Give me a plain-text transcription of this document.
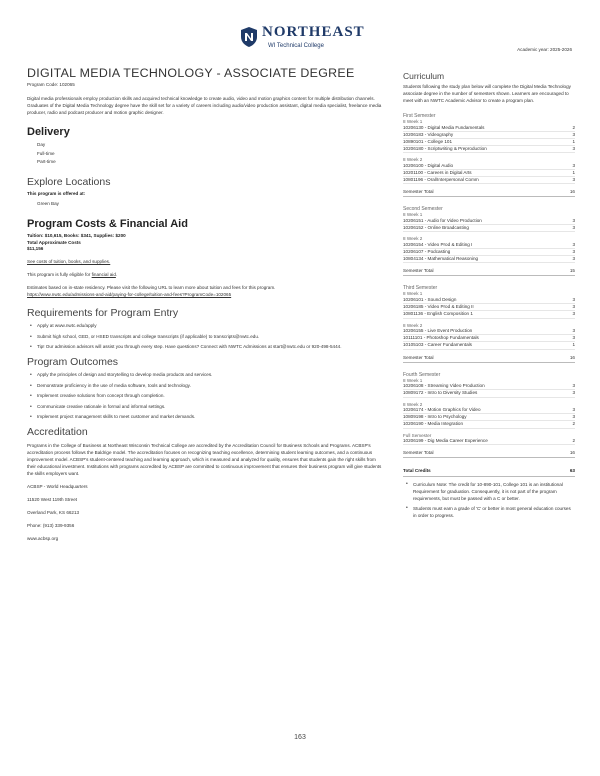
NORTHEAST
WI Technical College
Academic year: 2025-2026
DIGITAL MEDIA TECHNOLOGY - ASSOCIATE DEGREE
Program Code: 102065

Digital media professionals employ production skills and acquired technical knowledge to create audio, video and motion graphics content for multiple distribution channels. Graduates of the Digital Media Technology degree have the skill set for a variety of careers including audio/video production assistant, digital media specialist, freelance media producer, radio and podcast producer and motion graphic designer.

Delivery
Day
Full-time
Part-time
Explore Locations
This program is offered at:
Green Bay
Program Costs & Financial Aid
Tuition: $10,615, Books: $341, Supplies: $200
Total Approximate Costs
$11,156

See costs of tuition, books, and supplies.

This program is fully eligible for financial aid.

Estimates based on in-state residency. Please visit the following URL to learn more about tuition and fees for this program.

https://www.nwtc.edu/admissions-and-aid/paying-for-college/tuition-and-fees?ProgramCode=102065

Requirements for Program Entry
• Apply at www.nwtc.edu/apply
• Submit high school, GED, or HSED transcripts and college transcripts (if applicable) to transcripts@nwtc.edu.
• Tip! Our admission advisors will assist you through every step. Have questions? Connect with NWTC Admissions at start@nwtc.edu or 920-498-5444.
Program Outcomes
• Apply the principles of design and storytelling to develop media products and services.
• Demonstrate proficiency in the use of media software, tools and technology.
• Implement creative solutions from concept through completion.
• Communicate creative rationale in formal and informal settings.
• Implement project management skills to meet customer and market demands.
Accreditation

Programs in the College of Business at Northeast Wisconsin Technical College are accredited by the Accreditation Council for Business Schools and Programs. ACBSP's accreditation process follows the Baldrige model. The accreditation focuses on recognizing teaching excellence, determining student learning outcomes, and a continuous improvement model. ACBSP's student-centered teaching and learning approach, which is measured and analyzed for quality, ensures that students gain the right skills from their educational investment. Institutions with programs accredited by ACBSP are committed to continuous improvement that ensures their business program will give students the skills employers want.

ACBSP - World Headquarters

11520 West 119th Street

Overland Park, KS 66213

Phone: (913) 339-9356

www.acbsp.org

Curriculum
Students following the study plan below will complete the Digital Media Technology associate degree in the number of semesters shown. Learners are encouraged to meet with an NWTC Academic Advisor to create a program plan.
First Semester
8 Week 1
10206130 - Digital Media Fundamentals	2
10206183 - Videography	3
10890101 - College 101	1
10206180 - Scriptwriting & Preproduction	3
8 Week 2
10206100 - Digital Audio	3
10201100 - Careers in Digital Arts	1
10801196 - Oral/Interpersonal Comm	3
Semester Total	16
Second Semester
8 Week 1
10206151 - Audio for Video Production	3
10206152 - Online Broadcasting	3
8 Week 2
10206154 - Video Prod & Editing I	3
10206107 - Podcasting	3
10804134 - Mathematical Reasoning	3
Semester Total	15
Third Semester
8 Week 1
10206101 - Sound Design	3
10206185 - Video Prod & Editing II	3
10801136 - English Composition 1	3
8 Week 2
10206155 - Live Event Production	3
10111101 - Photoshop Fundamentals	3
10105103 - Career Fundamentals	1
Semester Total	16
Fourth Semester
8 Week 1
10206108 - Streaming Video Production	3
10809172 - Intro to Diversity Studies	3
8 Week 2
10206174 - Motion Graphics for Video	3
10809198 - Intro to Psychology	3
10206190 - Media Integration	2
Full Semester
10206199 - Dig Media Career Experience	2
Semester Total	16
Total Credits	63
• Curriculum Note: The credit for 10-890-101, College 101 is an institutional Requirement for graduation. Consequently, it is not part of the program requirements, but must be passed with a C or better.
• Students must earn a grade of 'C' or better in most general education courses in order to progress.
163
